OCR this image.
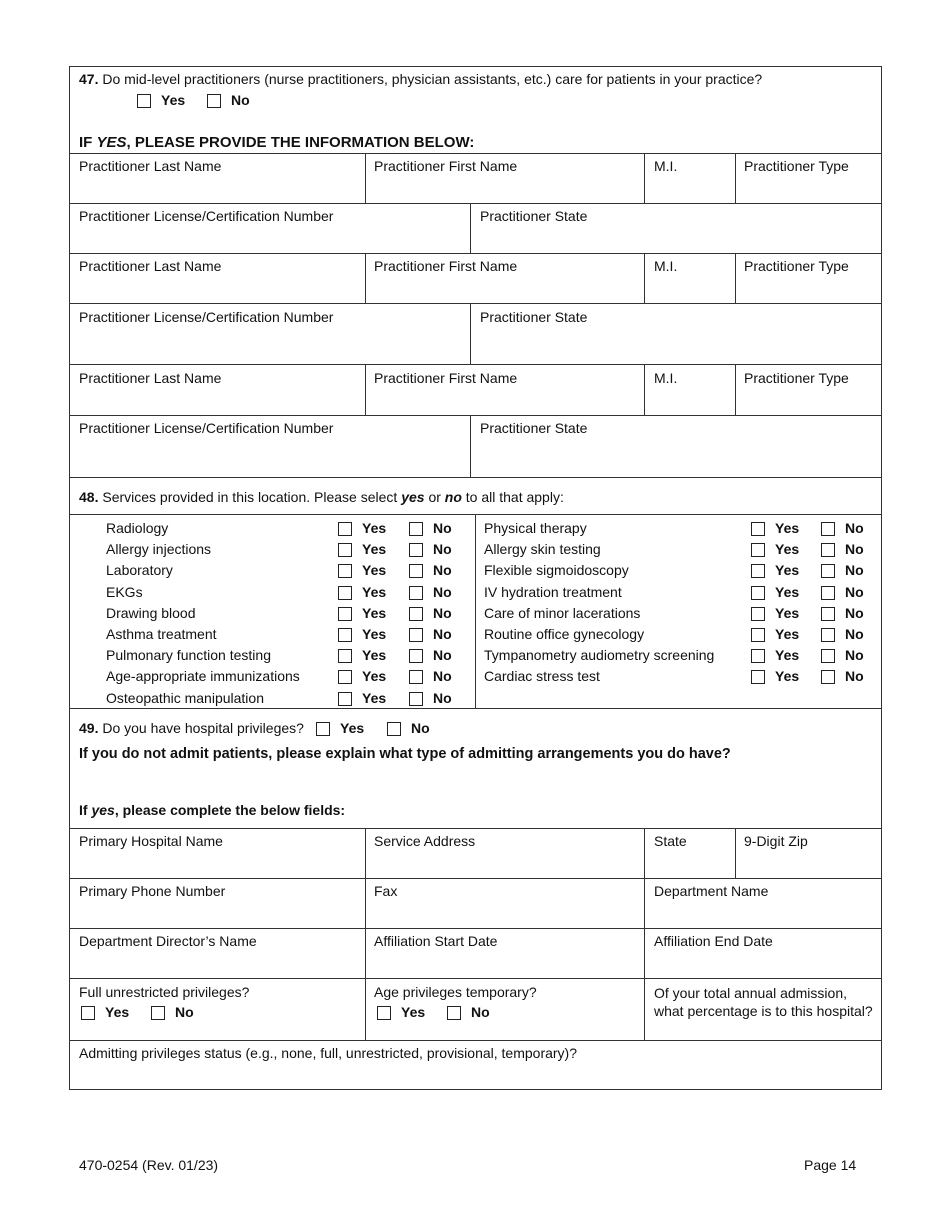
47. Do mid-level practitioners (nurse practitioners, physician assistants, etc.) care for patients in your practice?
Yes	No
IF YES, PLEASE PROVIDE THE INFORMATION BELOW:
Practitioner Last Name	Practitioner First Name	M.I.	Practitioner Type
Practitioner License/Certification Number	Practitioner State
Practitioner Last Name	Practitioner First Name	M.I.	Practitioner Type
Practitioner License/Certification Number	Practitioner State
Practitioner Last Name	Practitioner First Name	M.I.	Practitioner Type
Practitioner License/Certification Number	Practitioner State
48. Services provided in this location. Please select yes or no to all that apply:
Radiology	Yes	No
Allergy injections	Yes	No
Laboratory	Yes	No
EKGs	Yes	No
Drawing blood	Yes	No
Asthma treatment	Yes	No
Pulmonary function testing	Yes	No
Age-appropriate immunizations	Yes	No
Osteopathic manipulation	Yes	No
Physical therapy	Yes	No
Allergy skin testing	Yes	No
Flexible sigmoidoscopy	Yes	No
IV hydration treatment	Yes	No
Care of minor lacerations	Yes	No
Routine office gynecology	Yes	No
Tympanometry audiometry screening	Yes	No
Cardiac stress test	Yes	No
49. Do you have hospital privileges?	Yes	No
If you do not admit patients, please explain what type of admitting arrangements you do have?
If yes, please complete the below fields:
Primary Hospital Name	Service Address	State	9-Digit Zip
Primary Phone Number	Fax	Department Name
Department Director’s Name	Affiliation Start Date	Affiliation End Date
Full unrestricted privileges?
Yes	No
Age privileges temporary?
Yes	No
Of your total annual admission, what percentage is to this hospital?
Admitting privileges status (e.g., none, full, unrestricted, provisional, temporary)?
470-0254 (Rev. 01/23)	Page 14
